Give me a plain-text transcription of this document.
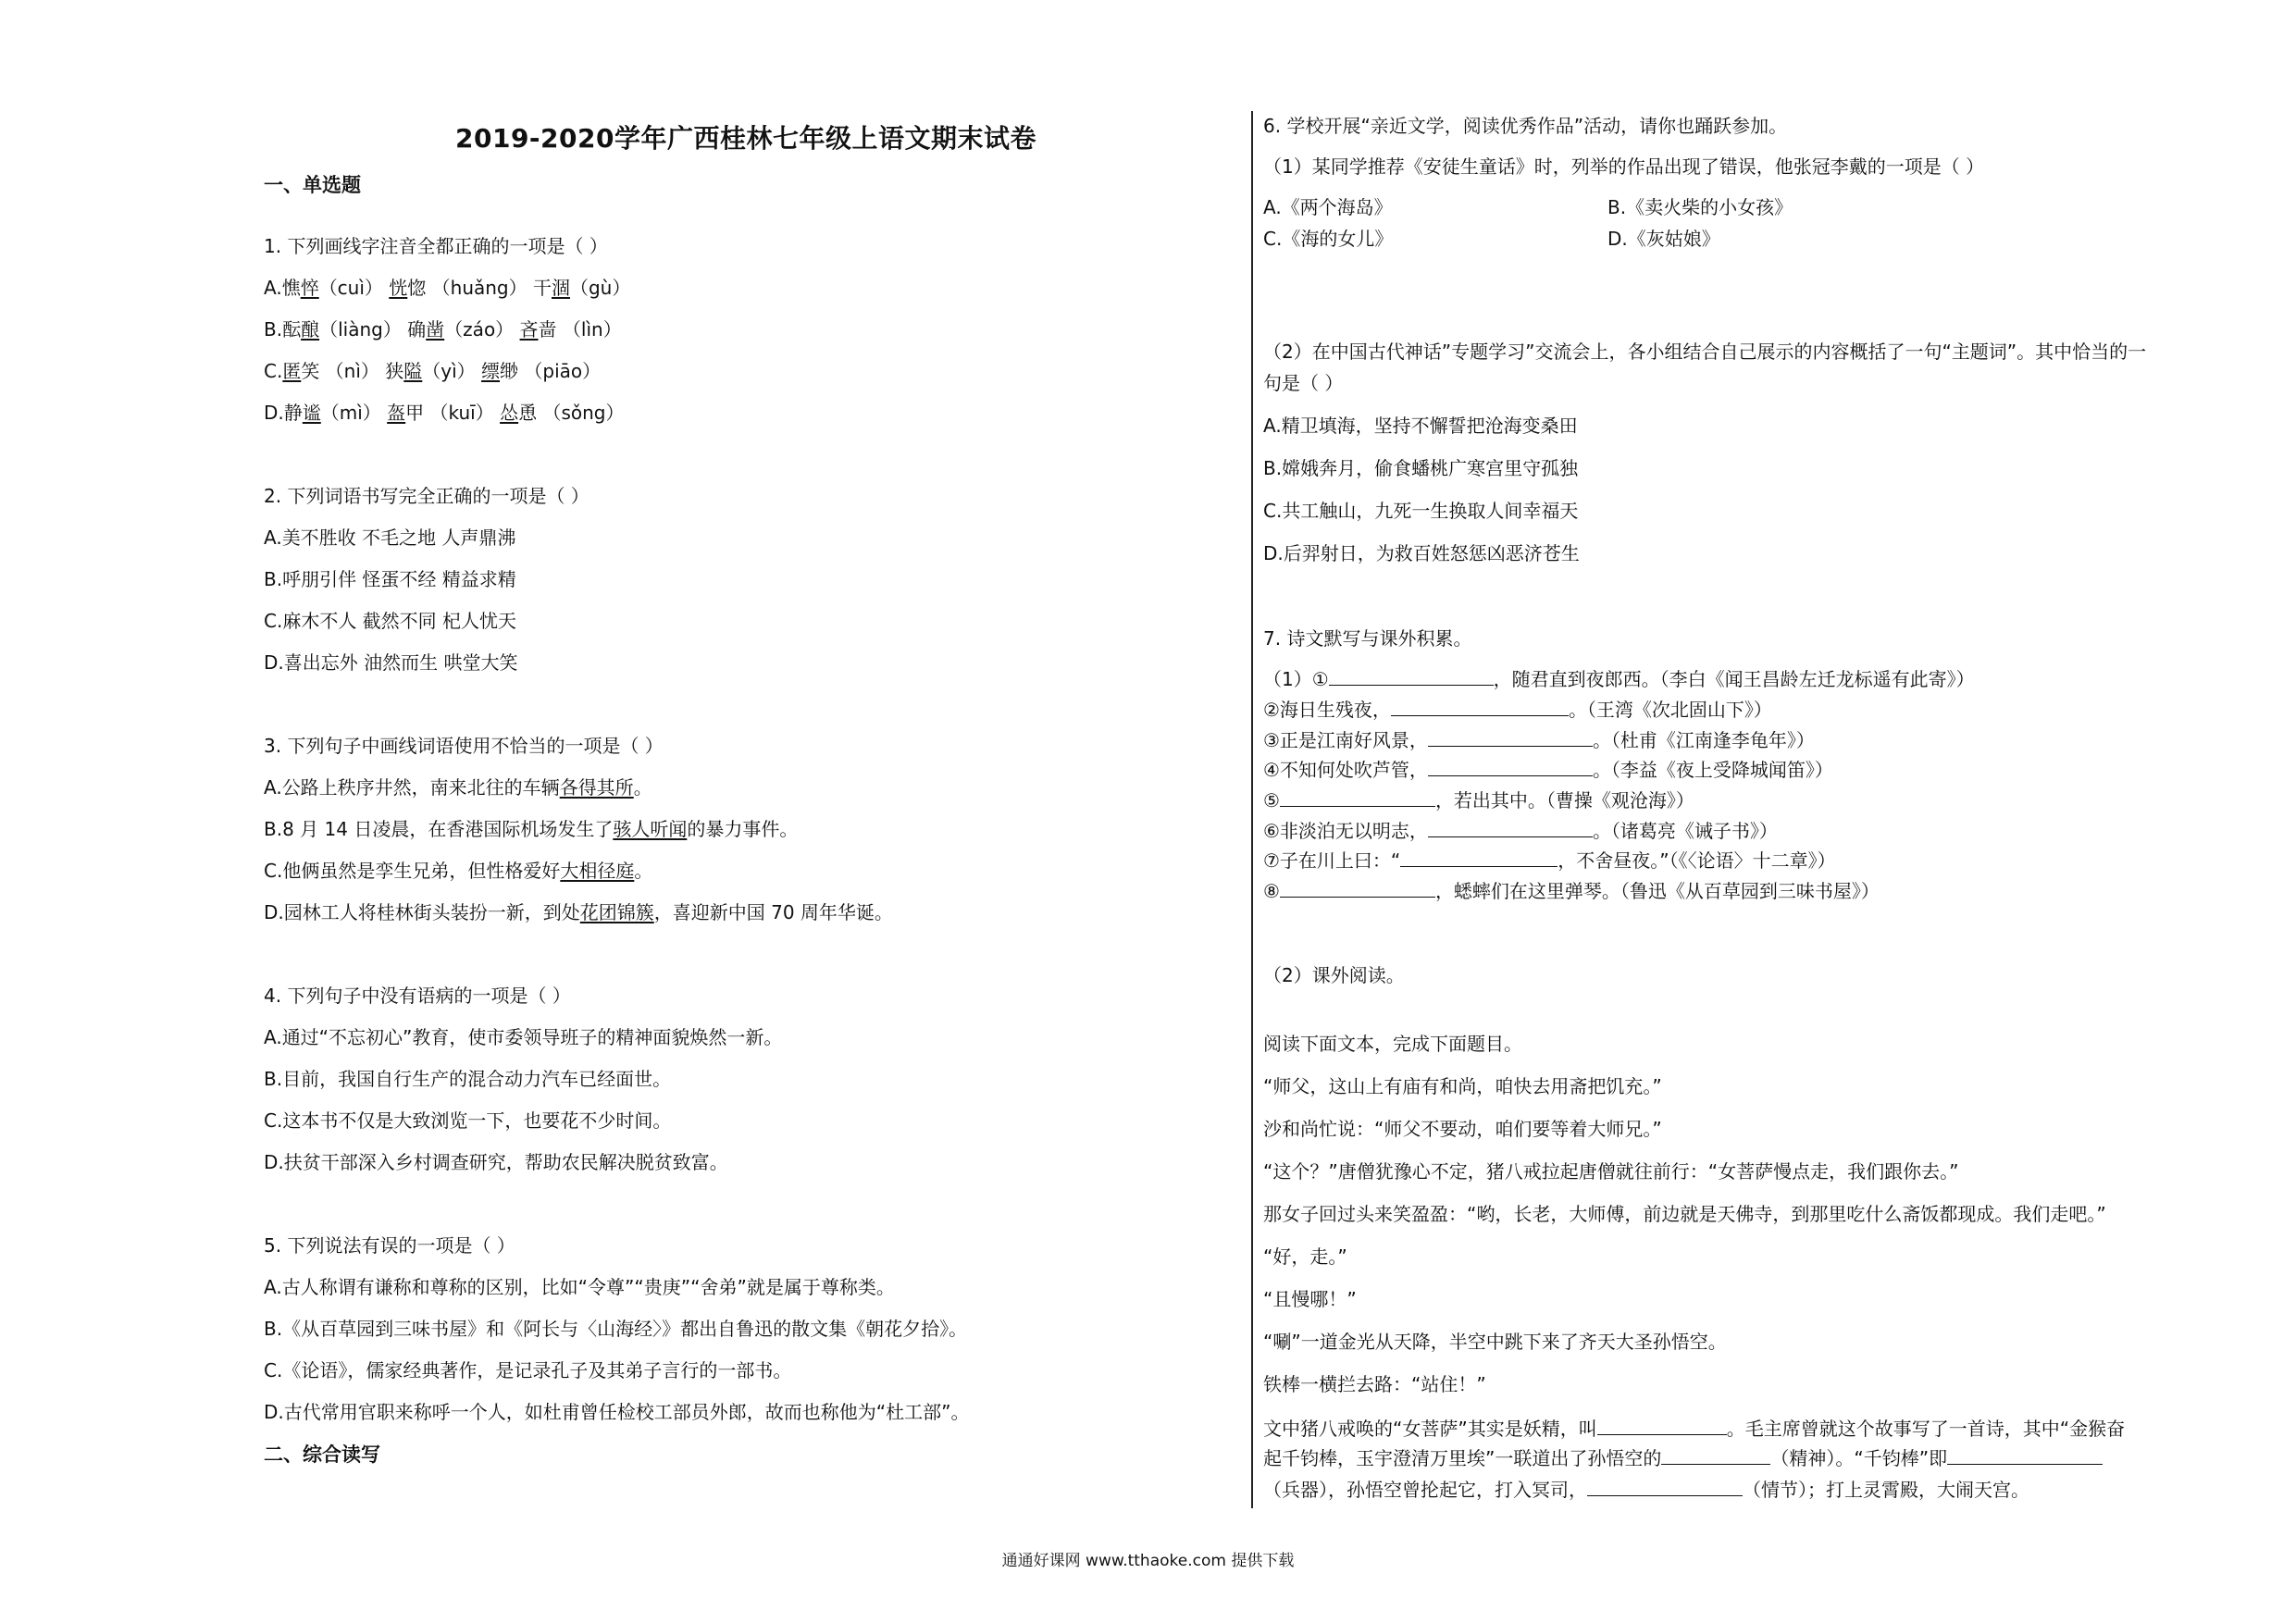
2019-2020学年广西桂林七年级上语文期末试卷
一、单选题
1. 下列画线字注音全都正确的一项是（ ）
A.憔悴（cuì） 恍惚 （huǎng） 干涸（gù）
B.酝酿（liàng） 确凿（záo） 吝啬 （lìn）
C.匿笑 （nì） 狭隘（yì） 缥缈 （piāo）
D.静谧（mì） 盔甲 （kuī） 怂恿 （sǒng）
2. 下列词语书写完全正确的一项是（ ）
A.美不胜收 不毛之地 人声鼎沸
B.呼朋引伴 怪蛋不经 精益求精
C.麻木不人 截然不同 杞人忧天
D.喜出忘外 油然而生 哄堂大笑
3. 下列句子中画线词语使用不恰当的一项是（ ）
A.公路上秩序井然，南来北往的车辆各得其所。
B.8 月 14 日凌晨，在香港国际机场发生了骇人听闻的暴力事件。
C.他俩虽然是孪生兄弟，但性格爱好大相径庭。
D.园林工人将桂林街头装扮一新，到处花团锦簇，喜迎新中国 70 周年华诞。
4. 下列句子中没有语病的一项是（ ）
A.通过“不忘初心”教育，使市委领导班子的精神面貌焕然一新。
B.目前，我国自行生产的混合动力汽车已经面世。
C.这本书不仅是大致浏览一下，也要花不少时间。
D.扶贫干部深入乡村调查研究，帮助农民解决脱贫致富。
5. 下列说法有误的一项是（ ）
A.古人称谓有谦称和尊称的区别，比如“令尊”“贵庚”“舍弟”就是属于尊称类。
B.《从百草园到三味书屋》和《阿长与〈山海经〉》都出自鲁迅的散文集《朝花夕拾》。
C.《论语》，儒家经典著作，是记录孔子及其弟子言行的一部书。
D.古代常用官职来称呼一个人，如杜甫曾任检校工部员外郎，故而也称他为“杜工部”。
二、综合读写
6. 学校开展“亲近文学，阅读优秀作品”活动，请你也踊跃参加。
（1）某同学推荐《安徒生童话》时，列举的作品出现了错误，他张冠李戴的一项是（ ）
A.《两个海岛》	B.《卖火柴的小女孩》
C.《海的女儿》	D.《灰姑娘》
（2）在中国古代神话”专题学习”交流会上，各小组结合自己展示的内容概括了一句“主题词”。其中恰当的一
句是（ ）
A.精卫填海，坚持不懈誓把沧海变桑田
B.嫦娥奔月，偷食蟠桃广寒宫里守孤独
C.共工触山，九死一生换取人间幸福天
D.后羿射日，为救百姓怒惩凶恶济苍生
7. 诗文默写与课外积累。
（1）①	，随君直到夜郎西。（李白《闻王昌龄左迁龙标遥有此寄》）
②海日生残夜，	。（王湾《次北固山下》）
③正是江南好风景，	。（杜甫《江南逢李龟年》）
④不知何处吹芦管，	。（李益《夜上受降城闻笛》）
⑤	，若出其中。（曹操《观沧海》）
⑥非淡泊无以明志，	。（诸葛亮《诫子书》）
⑦子在川上曰：“	，不舍昼夜。”（《〈论语〉十二章》）
⑧	，蟋蟀们在这里弹琴。（鲁迅《从百草园到三味书屋》）
（2）课外阅读。
阅读下面文本，完成下面题目。
“师父，这山上有庙有和尚，咱快去用斋把饥充。”
沙和尚忙说：“师父不要动，咱们要等着大师兄。”
“这个？”唐僧犹豫心不定，猪八戒拉起唐僧就往前行：“女菩萨慢点走，我们跟你去。”
那女子回过头来笑盈盈：“哟，长老，大师傅，前边就是天佛寺，到那里吃什么斋饭都现成。我们走吧。”
“好，走。”
“且慢哪！”
“唰”一道金光从天降，半空中跳下来了齐天大圣孙悟空。
铁棒一横拦去路：“站住！”
文中猪八戒唤的“女菩萨”其实是妖精，叫	。毛主席曾就这个故事写了一首诗，其中“金猴奋
起千钧棒，玉宇澄清万里埃”一联道出了孙悟空的	（精神）。“千钧棒”即
（兵器），孙悟空曾抡起它，打入冥司，	（情节）；打上灵霄殿，大闹天宫。
通通好课网 www.tthaoke.com 提供下载
